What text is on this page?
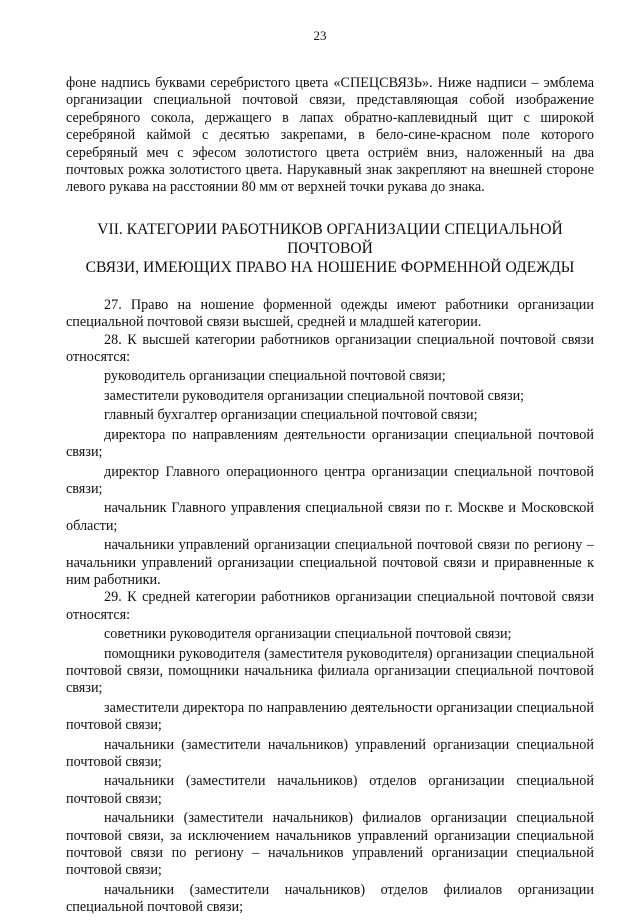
23

фоне надпись буквами серебристого цвета «СПЕЦСВЯЗЬ». Ниже надписи – эмблема организации специальной почтовой связи, представляющая собой изображение серебряного сокола, держащего в лапах обратно-каплевидный щит с широкой серебряной каймой с десятью закрепами, в бело-сине-красном поле которого серебряный меч с эфесом золотистого цвета остриём вниз, наложенный на два почтовых рожка золотистого цвета. Нарукавный знак закрепляют на внешней стороне левого рукава на расстоянии 80 мм от верхней точки рукава до знака.

VII. КАТЕГОРИИ РАБОТНИКОВ ОРГАНИЗАЦИИ СПЕЦИАЛЬНОЙ ПОЧТОВОЙ
СВЯЗИ, ИМЕЮЩИХ ПРАВО НА НОШЕНИЕ ФОРМЕННОЙ ОДЕЖДЫ

27. Право на ношение форменной одежды имеют работники организации специальной почтовой связи высшей, средней и младшей категории.

28. К высшей категории работников организации специальной почтовой связи относятся:

руководитель организации специальной почтовой связи;

заместители руководителя организации специальной почтовой связи;

главный бухгалтер организации специальной почтовой связи;

директора по направлениям деятельности организации специальной почтовой связи;

директор Главного операционного центра организации специальной почтовой связи;

начальник Главного управления специальной связи по г. Москве и Московской области;

начальники управлений организации специальной почтовой связи по региону – начальники управлений организации специальной почтовой связи и приравненные к ним работники.

29. К средней категории работников организации специальной почтовой связи относятся:

советники руководителя организации специальной почтовой связи;

помощники руководителя (заместителя руководителя) организации специальной почтовой связи, помощники начальника филиала организации специальной почтовой связи;

заместители директора по направлению деятельности организации специальной почтовой связи;

начальники (заместители начальников) управлений организации специальной почтовой связи;

начальники (заместители начальников) отделов организации специальной почтовой связи;

начальники (заместители начальников) филиалов организации специальной почтовой связи, за исключением начальников управлений организации специальной почтовой связи по региону – начальников управлений организации специальной почтовой связи;

начальники (заместители начальников) отделов филиалов организации специальной почтовой связи;
